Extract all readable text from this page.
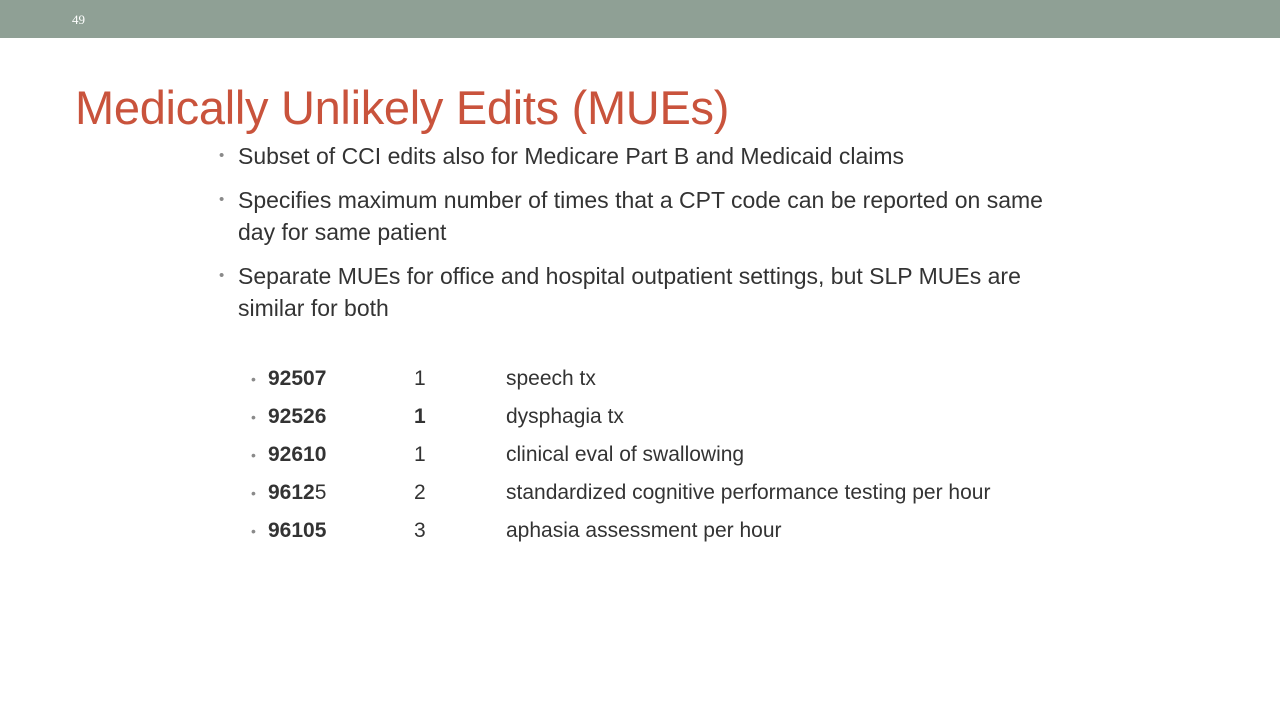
49
Medically Unlikely Edits (MUEs)
• Subset of CCI edits also for Medicare Part B and Medicaid claims
• Specifies maximum number of times that a CPT code can be reported on same day for same patient
• Separate MUEs for office and hospital outpatient settings, but SLP MUEs are similar for both
• 92507	1	speech tx
• 92526	1	dysphagia tx
• 92610	1	clinical eval of swallowing
• 96125	2	standardized cognitive performance testing per hour
• 96105	3	aphasia assessment per hour
